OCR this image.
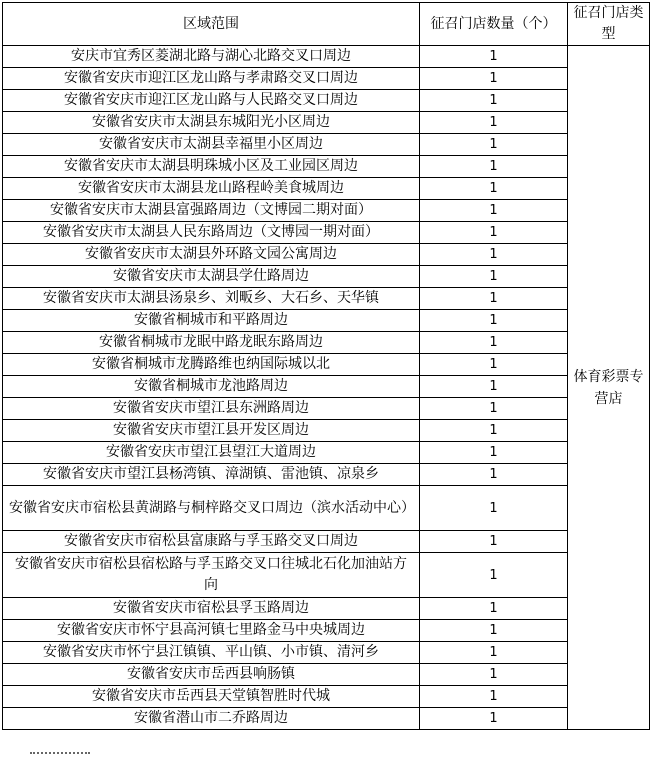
区域范围	征召门店数量（个）	征召门店类型
安庆市宜秀区菱湖北路与湖心北路交叉口周边	1	体育彩票专营店
安徽省安庆市迎江区龙山路与孝肃路交叉口周边	1	
安徽省安庆市迎江区龙山路与人民路交叉口周边	1	
安徽省安庆市太湖县东城阳光小区周边	1	
安徽省安庆市太湖县幸福里小区周边	1	
安徽省安庆市太湖县明珠城小区及工业园区周边	1	
安徽省安庆市太湖县龙山路程岭美食城周边	1	
安徽省安庆市太湖县富强路周边（文博园二期对面）	1	
安徽省安庆市太湖县人民东路周边（文博园一期对面）	1	
安徽省安庆市太湖县外环路文园公寓周边	1	
安徽省安庆市太湖县学仕路周边	1	
安徽省安庆市太湖县汤泉乡、刘畈乡、大石乡、天华镇	1	
安徽省桐城市和平路周边	1	
安徽省桐城市龙眠中路龙眠东路周边	1	
安徽省桐城市龙腾路维也纳国际城以北	1	
安徽省桐城市龙池路周边	1	
安徽省安庆市望江县东洲路周边	1	
安徽省安庆市望江县开发区周边	1	
安徽省安庆市望江县望江大道周边	1	
安徽省安庆市望江县杨湾镇、漳湖镇、雷池镇、凉泉乡	1	
安徽省安庆市宿松县黄湖路与桐梓路交叉口周边（滨水活动中心）	1	
安徽省安庆市宿松县富康路与孚玉路交叉口周边	1	
安徽省安庆市宿松县宿松路与孚玉路交叉口往城北石化加油站方向	1	
安徽省安庆市宿松县孚玉路周边	1	
安徽省安庆市怀宁县高河镇七里路金马中央城周边	1	
安徽省安庆市怀宁县江镇镇、平山镇、小市镇、清河乡	1	
安徽省安庆市岳西县响肠镇	1	
安徽省安庆市岳西县天堂镇智胜时代城	1	
安徽省潜山市二乔路周边	1	
